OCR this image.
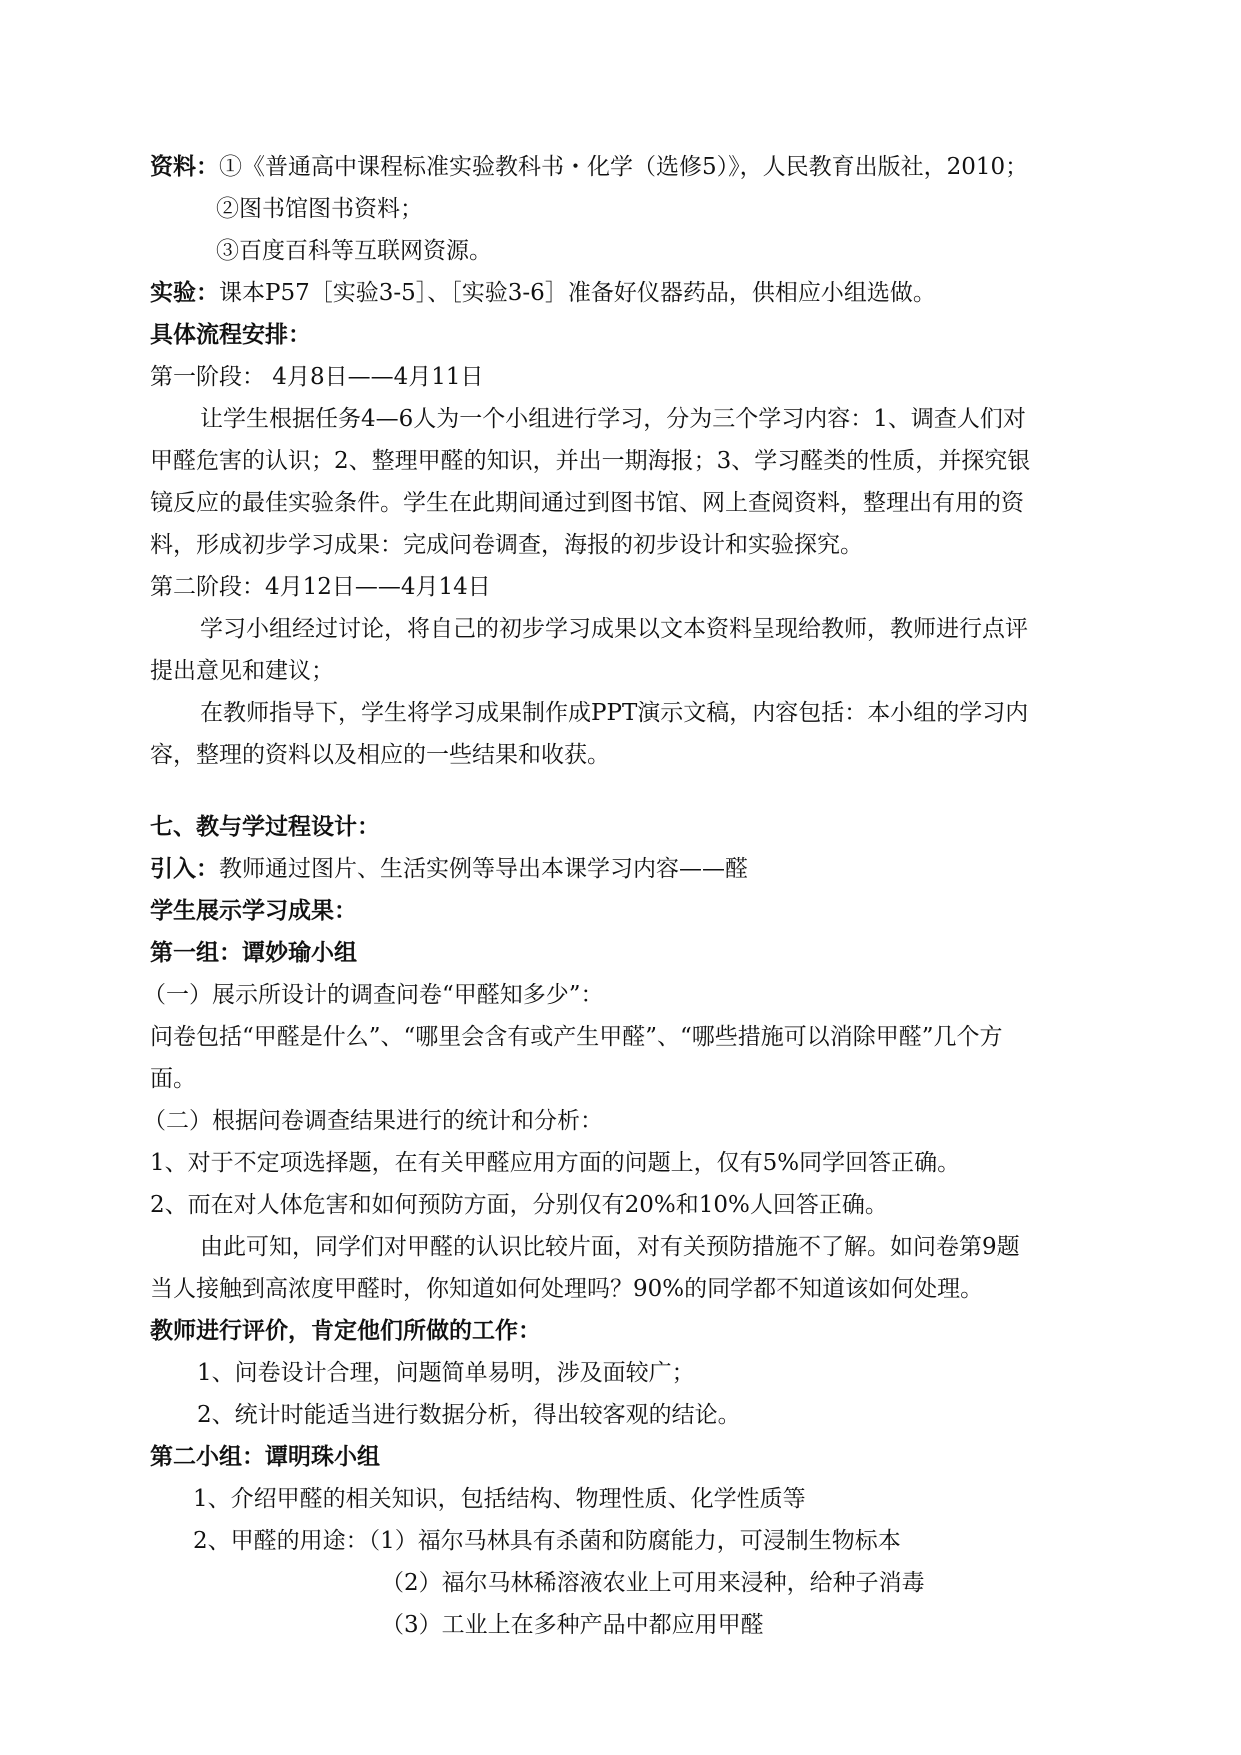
资料：①《普通高中课程标准实验教科书・化学（选修5）》，人民教育出版社，2010；
②图书馆图书资料；
③百度百科等互联网资源。
实验：课本P57［实验3-5］、［实验3-6］准备好仪器药品，供相应小组选做。
具体流程安排：
第一阶段： 4月8日——4月11日
让学生根据任务4—6人为一个小组进行学习，分为三个学习内容：1、调查人们对
甲醛危害的认识；2、整理甲醛的知识，并出一期海报；3、学习醛类的性质，并探究银
镜反应的最佳实验条件。学生在此期间通过到图书馆、网上查阅资料，整理出有用的资
料，形成初步学习成果：完成问卷调查，海报的初步设计和实验探究。
第二阶段：4月12日——4月14日
学习小组经过讨论，将自己的初步学习成果以文本资料呈现给教师，教师进行点评
提出意见和建议；
在教师指导下，学生将学习成果制作成PPT演示文稿，内容包括：本小组的学习内
容，整理的资料以及相应的一些结果和收获。
七、教与学过程设计：
引入：教师通过图片、生活实例等导出本课学习内容——醛
学生展示学习成果：
第一组：谭妙瑜小组
（一）展示所设计的调查问卷“甲醛知多少”：
问卷包括“甲醛是什么”、“哪里会含有或产生甲醛”、“哪些措施可以消除甲醛”几个方
面。
（二）根据问卷调查结果进行的统计和分析：
1、对于不定项选择题，在有关甲醛应用方面的问题上，仅有5%同学回答正确。
2、而在对人体危害和如何预防方面，分别仅有20%和10%人回答正确。
由此可知，同学们对甲醛的认识比较片面，对有关预防措施不了解。如问卷第9题
当人接触到高浓度甲醛时，你知道如何处理吗？90%的同学都不知道该如何处理。
教师进行评价，肯定他们所做的工作：
1、问卷设计合理，问题简单易明，涉及面较广；
2、统计时能适当进行数据分析，得出较客观的结论。
第二小组：谭明珠小组
1、介绍甲醛的相关知识，包括结构、物理性质、化学性质等
2、甲醛的用途：（1）福尔马林具有杀菌和防腐能力，可浸制生物标本
（2）福尔马林稀溶液农业上可用来浸种，给种子消毒
（3）工业上在多种产品中都应用甲醛
